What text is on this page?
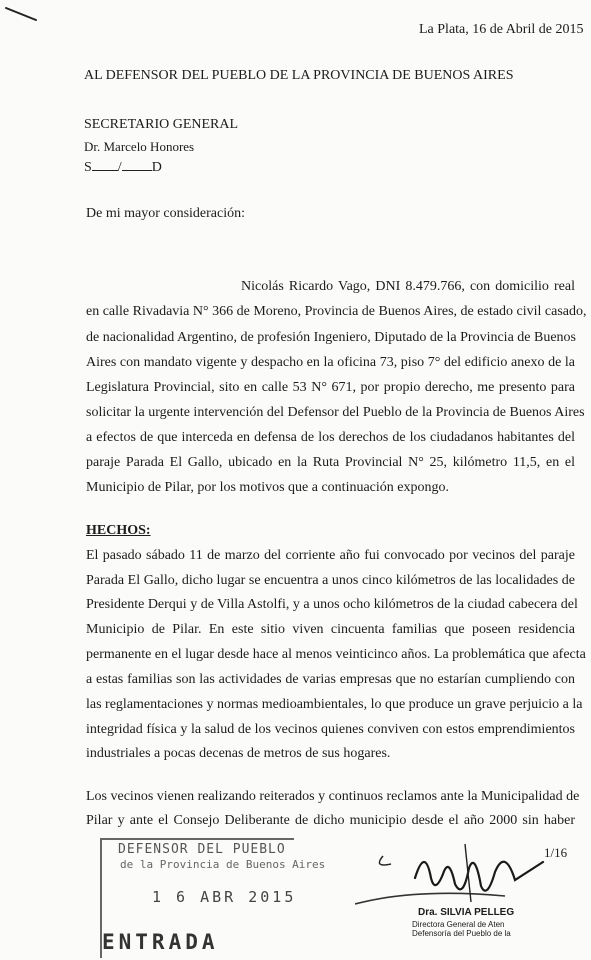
La Plata, 16 de Abril de 2015
AL DEFENSOR DEL PUEBLO DE LA PROVINCIA DE BUENOS AIRES
SECRETARIO GENERAL
Dr. Marcelo Honores
S / D
De mi mayor consideración:
Nicolás Ricardo Vago, DNI 8.479.766, con domicilio real
en calle Rivadavia N° 366 de Moreno, Provincia de Buenos Aires, de estado civil casado,
de nacionalidad Argentino, de profesión Ingeniero, Diputado de la Provincia de Buenos
Aires con mandato vigente y despacho en la oficina 73, piso 7° del edificio anexo de la
Legislatura Provincial, sito en calle 53 N° 671, por propio derecho, me presento para
solicitar la urgente intervención del Defensor del Pueblo de la Provincia de Buenos Aires
a efectos de que interceda en defensa de los derechos de los ciudadanos habitantes del
paraje Parada El Gallo, ubicado en la Ruta Provincial N° 25, kilómetro 11,5, en el
Municipio de Pilar, por los motivos que a continuación expongo.
HECHOS:
El pasado sábado 11 de marzo del corriente año fui convocado por vecinos del paraje
Parada El Gallo, dicho lugar se encuentra a unos cinco kilómetros de las localidades de
Presidente Derqui y de Villa Astolfi, y a unos ocho kilómetros de la ciudad cabecera del
Municipio de Pilar. En este sitio viven cincuenta familias que poseen residencia
permanente en el lugar desde hace al menos veinticinco años. La problemática que afecta
a estas familias son las actividades de varias empresas que no estarían cumpliendo con
las reglamentaciones y normas medioambientales, lo que produce un grave perjuicio a la
integridad física y la salud de los vecinos quienes conviven con estos emprendimientos
industriales a pocas decenas de metros de sus hogares.
Los vecinos vienen realizando reiterados y continuos reclamos ante la Municipalidad de
Pilar y ante el Consejo Deliberante de dicho municipio desde el año 2000 sin haber
1/16
DEFENSOR DEL PUEBLO
de la Provincia de Buenos Aires
1 6 ABR 2015
ENTRADA
Dra. SILVIA PELLEG
Directora General de Aten
Defensoría del Pueblo de la
